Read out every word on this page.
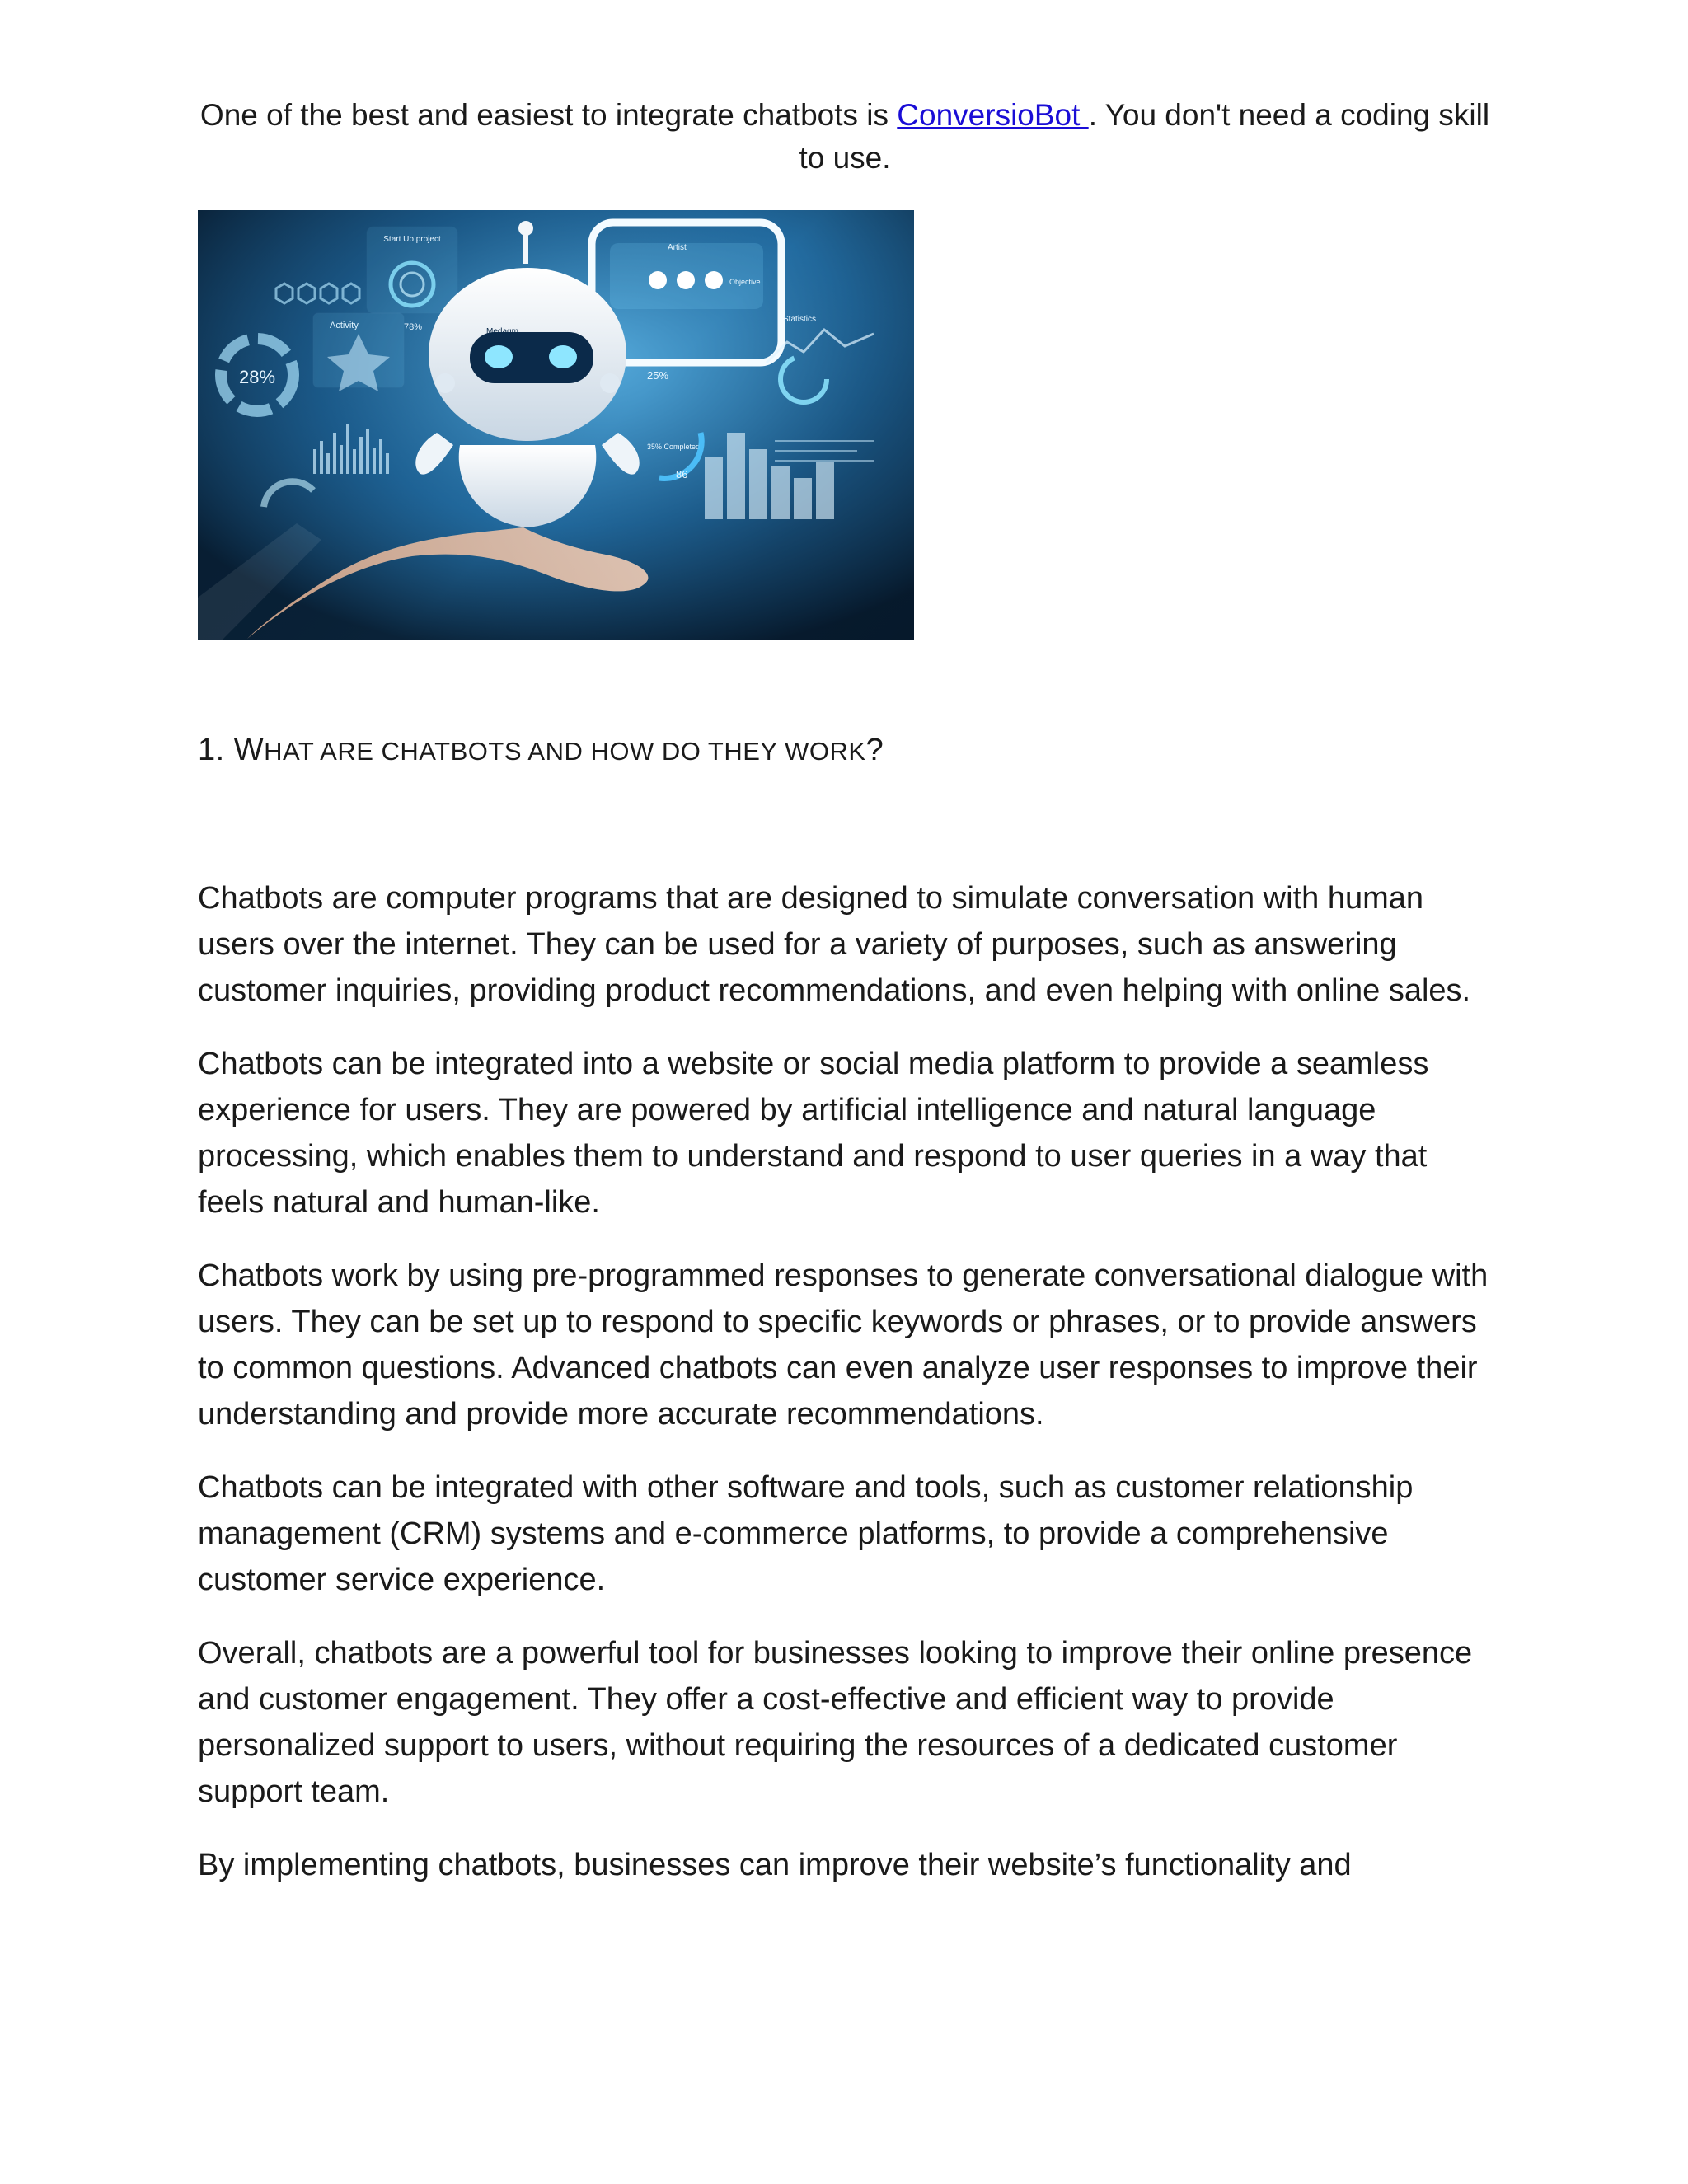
One of the best and easiest to integrate chatbots is ConversioBot . You don't need a coding skill to use.

28%
Activity
Start Up project
78%
Artist
Objective
Statistics
25%
35% Completed
86
Medagm
1. WHAT ARE CHATBOTS AND HOW DO THEY WORK?

Chatbots are computer programs that are designed to simulate conversation with human users over the internet. They can be used for a variety of purposes, such as answering customer inquiries, providing product recommendations, and even helping with online sales.

Chatbots can be integrated into a website or social media platform to provide a seamless experience for users. They are powered by artificial intelligence and natural language processing, which enables them to understand and respond to user queries in a way that feels natural and human-like.

Chatbots work by using pre-programmed responses to generate conversational dialogue with users. They can be set up to respond to specific keywords or phrases, or to provide answers to common questions. Advanced chatbots can even analyze user responses to improve their understanding and provide more accurate recommendations.

Chatbots can be integrated with other software and tools, such as customer relationship management (CRM) systems and e-commerce platforms, to provide a comprehensive customer service experience.

Overall, chatbots are a powerful tool for businesses looking to improve their online presence and customer engagement. They offer a cost-effective and efficient way to provide personalized support to users, without requiring the resources of a dedicated customer support team.

By implementing chatbots, businesses can improve their website’s functionality and
